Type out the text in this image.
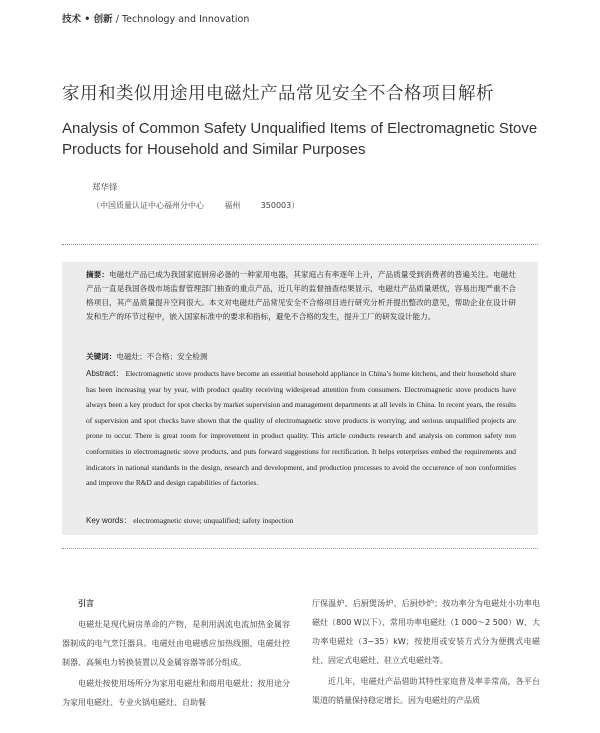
技术 • 创新 / Technology and Innovation
家用和类似用途用电磁灶产品常见安全不合格项目解析
Analysis of Common Safety Unqualified Items of Electromagnetic Stove Products for Household and Similar Purposes
郑华锋
（中国质量认证中心福州分中心        福州        350003）
摘要：电磁灶产品已成为我国家庭厨房必备的一种家用电器，其家庭占有率逐年上升，产品质量受到消费者的普遍关注。电磁灶产品一直是我国各级市场监督管理部门抽查的重点产品，近几年的监督抽查结果显示，电磁灶产品质量堪忧，容易出现严重不合格项目，其产品质量提升空间很大。本文对电磁灶产品常见安全不合格项目进行研究分析并提出整改的意见，帮助企业在设计研发和生产的环节过程中，嵌入国家标准中的要求和指标，避免不合格的发生，提升工厂的研发设计能力。
关键词：电磁灶；不合格；安全检测
Abstract： Electromagnetic stove products have become an essential household appliance in China’s home kitchens, and their household share has been increasing year by year, with product quality receiving widespread attention from consumers. Electromagnetic stove products have always been a key product for spot checks by market supervision and management departments at all levels in China. In recent years, the results of supervision and spot checks have shown that the quality of electromagnetic stove products is worrying, and serious unqualified projects are prone to occur. There is great room for improvement in product quality. This article conducts research and analysis on common safety non conformities in electromagnetic stove products, and puts forward suggestions for rectification. It helps enterprises embed the requirements and indicators in national standards in the design, research and development, and production processes to avoid the occurrence of non conformities and improve the R&D and design capabilities of factories.
Key words： electromagnetic stove; unqualified; safety inspection
引言

电磁灶是现代厨房革命的产物，是利用涡流电流加热金属容器制成的电气烹饪器具。电磁灶由电磁感应加热线圈、电磁灶控制器、高频电力转换装置以及金属容器等部分组成。

电磁灶按使用场所分为家用电磁灶和商用电磁灶；按用途分为家用电磁灶、专业火锅电磁灶、自助餐

厅保温炉、后厨煲汤炉、后厨炒炉；按功率分为电磁灶小功率电磁灶（800 W以下）、常用功率电磁灶（1 000～2 500）W、大功率电磁灶（3~35）kW；按使用或安装方式分为便携式电磁灶、固定式电磁灶、驻立式电磁灶等。

近几年，电磁灶产品借助其特性家庭普及率非常高，各平台渠道的销量保持稳定增长。因为电磁灶的产品质
